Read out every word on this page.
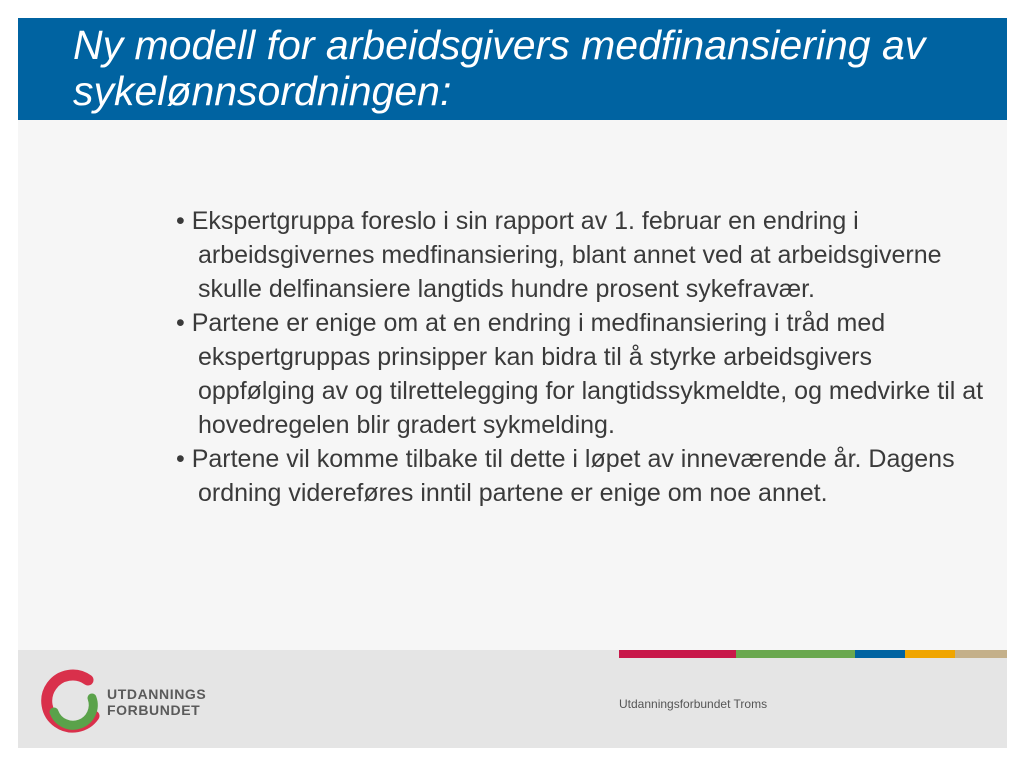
Ny modell for arbeidsgivers medfinansiering av sykelønnsordningen:

• Ekspertgruppa foreslo i sin rapport av 1. februar en endring i arbeidsgivernes medfinansiering, blant annet ved at arbeidsgiverne skulle delfinansiere langtids hundre prosent sykefravær.

• Partene er enige om at en endring i medfinansiering i tråd med ekspertgruppas prinsipper kan bidra til å styrke arbeidsgivers oppfølging av og tilrettelegging for langtidssykmeldte, og medvirke til at hovedregelen blir gradert sykmelding.

• Partene vil komme tilbake til dette i løpet av inneværende år. Dagens ordning videreføres inntil partene er enige om noe annet.

UTDANNINGS
FORBUNDET	Utdanningsforbundet Troms
